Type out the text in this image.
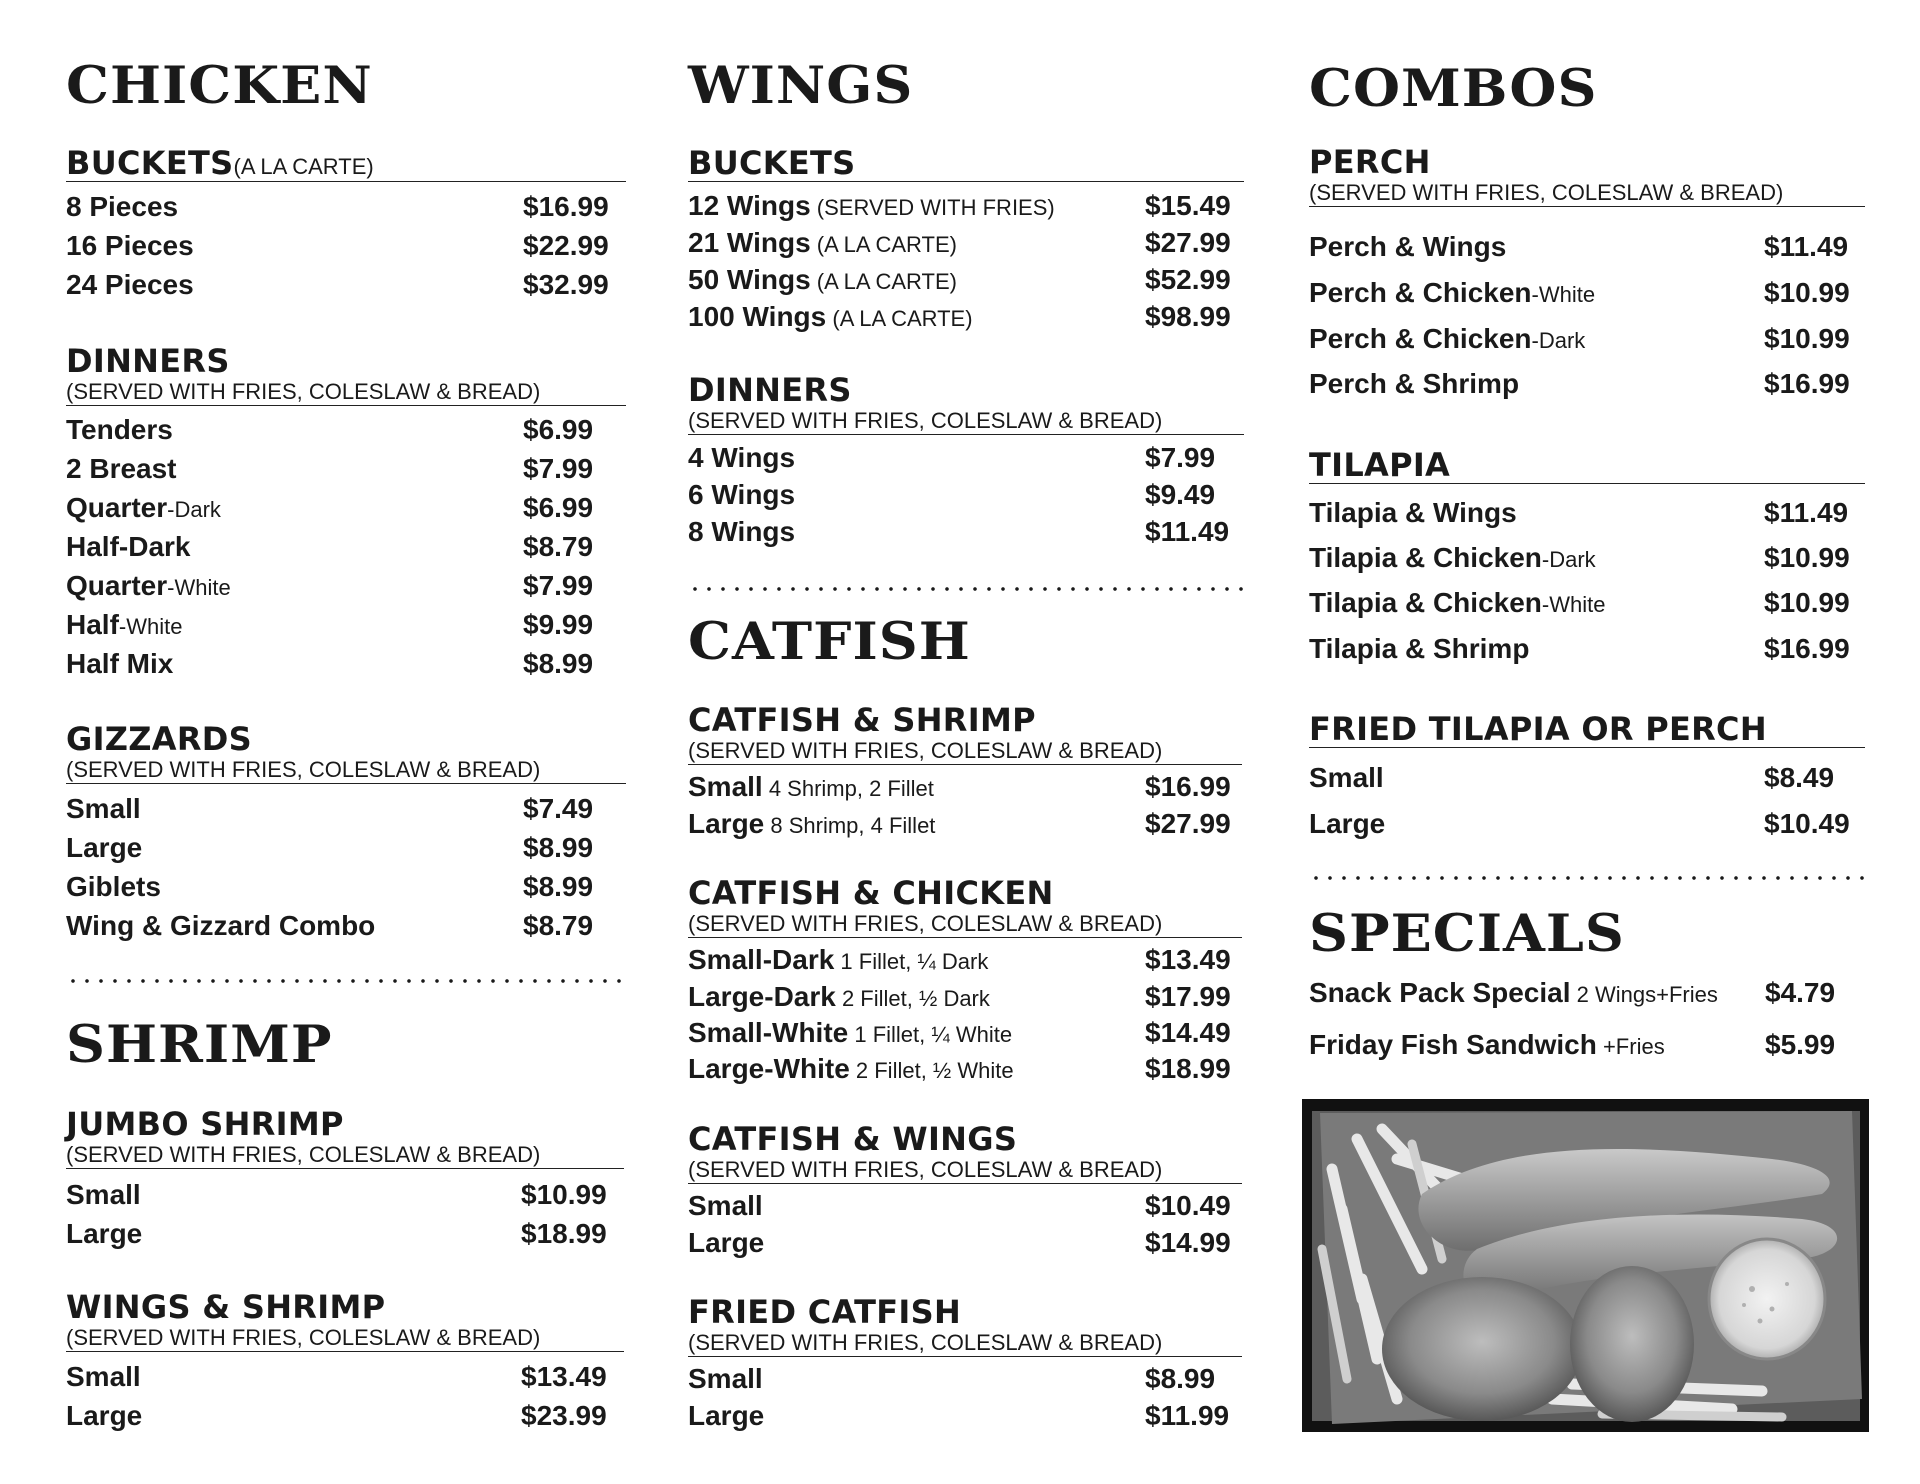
CHICKEN
BUCKETS(A LA CARTE)
8 Pieces	$16.99
16 Pieces	$22.99
24 Pieces	$32.99
DINNERS
(SERVED WITH FRIES, COLESLAW & BREAD)
Tenders	$6.99
2 Breast	$7.99
Quarter-Dark	$6.99
Half-Dark	$8.79
Quarter-White	$7.99
Half-White	$9.99
Half Mix	$8.99
GIZZARDS
(SERVED WITH FRIES, COLESLAW & BREAD)
Small	$7.49
Large	$8.99
Giblets	$8.99
Wing & Gizzard Combo	$8.79
SHRIMP
JUMBO SHRIMP
(SERVED WITH FRIES, COLESLAW & BREAD)
Small	$10.99
Large	$18.99
WINGS & SHRIMP
(SERVED WITH FRIES, COLESLAW & BREAD)
Small	$13.49
Large	$23.99
WINGS
BUCKETS
12 Wings (SERVED WITH FRIES)	$15.49
21 Wings (A LA CARTE)	$27.99
50 Wings (A LA CARTE)	$52.99
100 Wings (A LA CARTE)	$98.99
DINNERS
(SERVED WITH FRIES, COLESLAW & BREAD)
4 Wings	$7.99
6 Wings	$9.49
8 Wings	$11.49
CATFISH
CATFISH & SHRIMP
(SERVED WITH FRIES, COLESLAW & BREAD)
Small 4 Shrimp, 2 Fillet	$16.99
Large 8 Shrimp, 4 Fillet	$27.99
CATFISH & CHICKEN
(SERVED WITH FRIES, COLESLAW & BREAD)
Small-Dark 1 Fillet, ¼ Dark	$13.49
Large-Dark 2 Fillet, ½ Dark	$17.99
Small-White 1 Fillet, ¼ White	$14.49
Large-White 2 Fillet, ½ White	$18.99
CATFISH & WINGS
(SERVED WITH FRIES, COLESLAW & BREAD)
Small	$10.49
Large	$14.99
FRIED CATFISH
(SERVED WITH FRIES, COLESLAW & BREAD)
Small	$8.99
Large	$11.99
COMBOS
PERCH
(SERVED WITH FRIES, COLESLAW & BREAD)
Perch & Wings	$11.49
Perch & Chicken-White	$10.99
Perch & Chicken-Dark	$10.99
Perch & Shrimp	$16.99
TILAPIA
Tilapia & Wings	$11.49
Tilapia & Chicken-Dark	$10.99
Tilapia & Chicken-White	$10.99
Tilapia & Shrimp	$16.99
FRIED TILAPIA OR PERCH
Small	$8.49
Large	$10.49
SPECIALS
Snack Pack Special 2 Wings+Fries $4.79
Friday Fish Sandwich +Fries	$5.99
